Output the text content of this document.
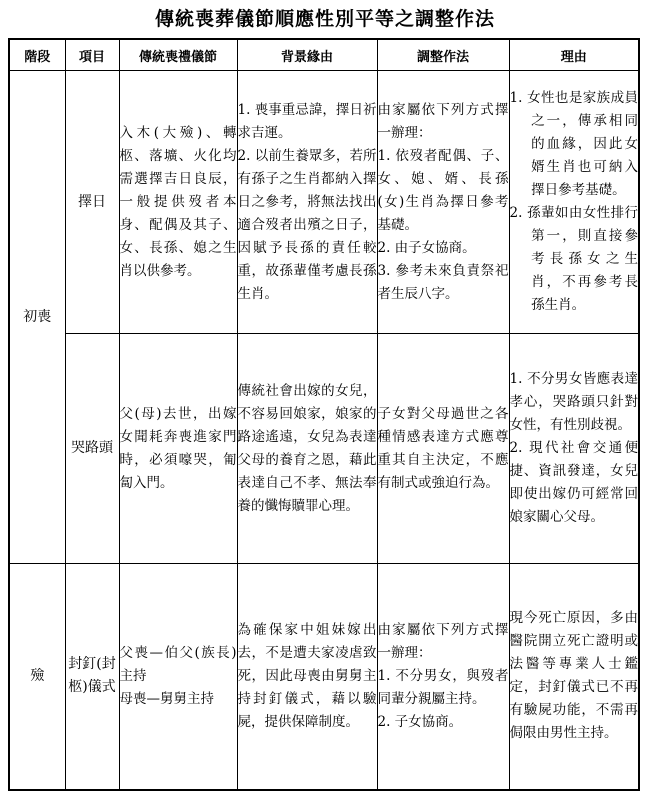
傳統喪葬儀節順應性別平等之調整作法
階段	項目	傳統喪禮儀節	背景緣由	調整作法	理由
初喪	擇日	入木(大殮)、轉柩、落壙、火化均需選擇吉日良辰，一般提供歿者本身、配偶及其子、女、長孫、媳之生肖以供參考。	1. 喪事重忌諱，擇日祈求吉運。
2. 以前生養眾多，若所有孫子之生肖都納入擇日之參考，將無法找出適合歿者出殯之日子，因賦予長孫的責任較重，故孫輩僅考慮長孫生肖。	由家屬依下列方式擇一辦理：
1. 依歿者配偶、子、女、媳、婿、長孫(女)生肖為擇日參考基礎。
2. 由子女協商。
3. 參考未來負責祭祀者生辰八字。	1. 女性也是家族成員之一，傳承相同的血緣，因此女婿生肖也可納入擇日參考基礎。
2. 孫輩如由女性排行第一，則直接參考長孫女之生肖，不再參考長孫生肖。

	哭路頭	父(母)去世，出嫁女聞耗奔喪進家門時，必須嚎哭，匍匐入門。	傳統社會出嫁的女兒，不容易回娘家，娘家的路途遙遠，女兒為表達父母的養育之恩，藉此表達自己不孝、無法奉養的懺悔贖罪心理。	子女對父母過世之各種情感表達方式應尊重其自主決定，不應有制式或強迫行為。	1. 不分男女皆應表達孝心，哭路頭只針對女性，有性別歧視。
2. 現代社會交通便捷、資訊發達，女兒即使出嫁仍可經常回娘家關心父母。

殮	封釘(封柩)儀式	父喪—伯父(族長)主持
母喪—舅舅主持	為確保家中姐妹嫁出去，不是遭夫家凌虐致死，因此母喪由舅舅主持封釘儀式，藉以驗屍，提供保障制度。	由家屬依下列方式擇一辦理：
1. 不分男女，與歿者同輩分親屬主持。
2. 子女協商。	現今死亡原因，多由醫院開立死亡證明或法醫等專業人士鑑定，封釘儀式已不再有驗屍功能，不需再侷限由男性主持。
